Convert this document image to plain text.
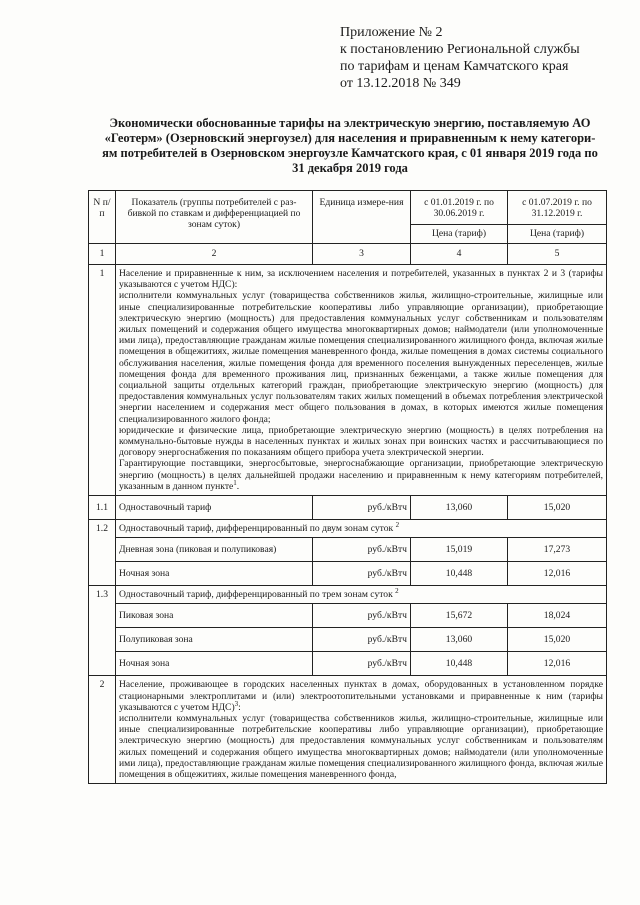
Приложение № 2
к постановлению Региональной службы
по тарифам и ценам Камчатского края
от 13.12.2018 № 349
Экономически обоснованные тарифы на электрическую энергию, поставляемую АО
«Геотерм» (Озерновский энергоузел) для населения и приравненным к нему категори-
ям потребителей в Озерновском энергоузле Камчатского края, с 01 января 2019 года по
31 декабря 2019 года
N п/п	Показатель (группы потребителей с раз-бивкой по ставкам и дифференциацией по зонам суток)	Единица измере-ния	с 01.01.2019 г. по 30.06.2019 г.	с 01.07.2019 г. по 31.12.2019 г.
			Цена (тариф)	Цена (тариф)
1	2	3	4	5
1	Население и приравненные к ним, за исключением населения и потребителей, указанных в пунктах 2 и 3 (тарифы указываются с учетом НДС):
исполнители коммунальных услуг (товарищества собственников жилья, жилищно-строительные, жилищные или иные специализированные потребительские кооперативы либо управляющие организации), приобретающие электрическую энергию (мощность) для предоставления коммунальных услуг собственникам и пользователям жилых помещений и содержания общего имущества многоквартирных домов; наймодатели (или уполномоченные ими лица), предоставляющие гражданам жилые помещения специализированного жилищного фонда, включая жилые помещения в общежитиях, жилые помещения маневренного фонда, жилые помещения в домах системы социального обслуживания населения, жилые помещения фонда для временного поселения вынужденных переселенцев, жилые помещения фонда для временного проживания лиц, признанных беженцами, а также жилые помещения для социальной защиты отдельных категорий граждан, приобретающие электрическую энергию (мощность) для предоставления коммунальных услуг пользователям таких жилых помещений в объемах потребления электрической энергии населением и содержания мест общего пользования в домах, в которых имеются жилые помещения специализированного жилого фонда;
юридические и физические лица, приобретающие электрическую энергию (мощность) в целях потребления на коммунально-бытовые нужды в населенных пунктах и жилых зонах при воинских частях и рассчитывающиеся по договору энергоснабжения по показаниям общего прибора учета электрической энергии.
Гарантирующие поставщики, энергосбытовые, энергоснабжающие организации, приобретающие электрическую энергию (мощность) в целях дальнейшей продажи населению и приравненным к нему категориям потребителей, указанным в данном пункте$^1$.			

1.1	Одноставочный тариф	руб./кВтч	13,060	15,020
1.2	Одноставочный тариф, дифференцированный по двум зонам суток $^2$
	Дневная зона (пиковая и полупиковая)	руб./кВтч	15,019	17,273
	Ночная зона	руб./кВтч	10,448	12,016
1.3	Одноставочный тариф, дифференцированный по трем зонам суток $^2$
	Пиковая зона	руб./кВтч	15,672	18,024
	Полупиковая зона	руб./кВтч	13,060	15,020
	Ночная зона	руб./кВтч	10,448	12,016
2	Население, проживающее в городских населенных пунктах в домах, оборудованных в установленном порядке стационарными электроплитами и (или) электроотопительными установками и приравненные к ним (тарифы указываются с учетом НДС)$^3$:
исполнители коммунальных услуг (товарищества собственников жилья, жилищно-строительные, жилищные или иные специализированные потребительские кооперативы либо управляющие организации), приобретающие электрическую энергию (мощность) для предоставления коммунальных услуг собственникам и пользователям жилых помещений и содержания общего имущества многоквартирных домов; наймодатели (или уполномоченные ими лица), предоставляющие гражданам жилые помещения специализированного жилищного фонда, включая жилые помещения в общежитиях, жилые помещения маневренного фонда,			
